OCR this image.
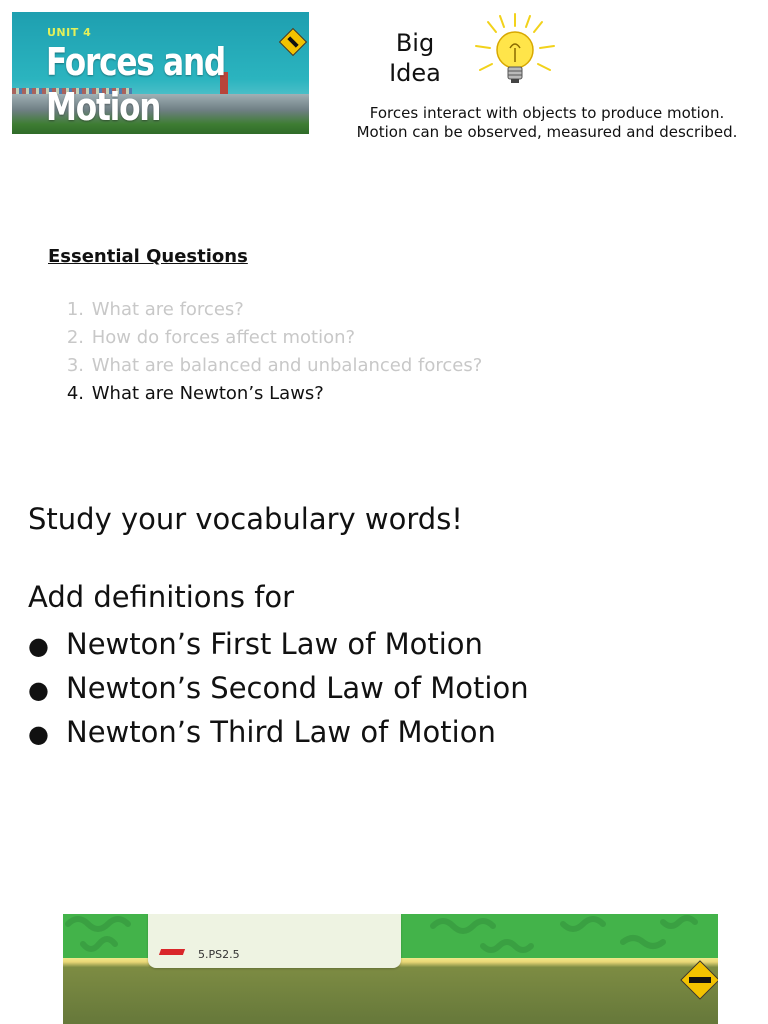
UNIT 4
Forces and
Motion
Big
Idea
Forces interact with objects to produce motion. Motion can be observed, measured and described.
Essential Questions
1. What are forces?
2. How do forces affect motion?
3. What are balanced and unbalanced forces?
4. What are Newton’s Laws?
Study your vocabulary words!
Add definitions for
● Newton’s First Law of Motion
● Newton’s Second Law of Motion
● Newton’s Third Law of Motion
5.PS2.5
